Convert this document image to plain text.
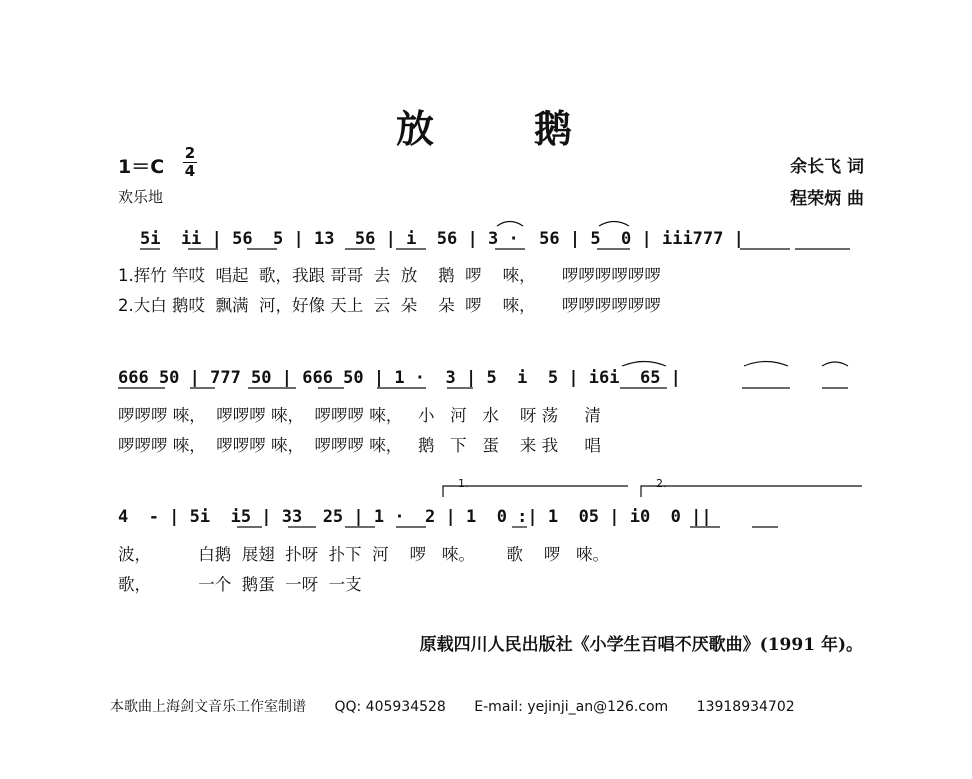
放	鹅
1＝C
2
4
欢乐地
余长飞 词
程荣炳 曲
5i  ii | 56  5 | 13  56 | i  56 | 3 ·  56 | 5  0 | iii777 |
1.挥竹 竿哎  唱起  歌，我跟 哥哥  去  放    鹅  啰    唻，     啰啰啰啰啰啰
2.大白 鹅哎  飘满  河，好像 天上  云  朵    朵  啰    唻，     啰啰啰啰啰啰
666 50 | 777 50 | 666 50 | 1 ·  3 | 5  i  5 | i6i  65 |
啰啰啰 唻，  啰啰啰 唻，  啰啰啰 唻，   小   河   水    呀 荡     清
啰啰啰 唻，  啰啰啰 唻，  啰啰啰 唻，   鹅   下   蛋    来 我     唱
4  - | 5i  i5 | 33  25 | 1 ·  2 | 1  0 :| 1  05 | i0  0 ||
波，         白鹅  展翅  扑呀  扑下  河    啰   唻。      歌    啰   唻。
歌，         一个  鹅蛋  一呀  一支
1.	2.
原载四川人民出版社《小学生百唱不厌歌曲》(1991 年)。
本歌曲上海剑文音乐工作室制谱 QQ: 405934528 E-mail: yejinji_an@126.com 13918934702
